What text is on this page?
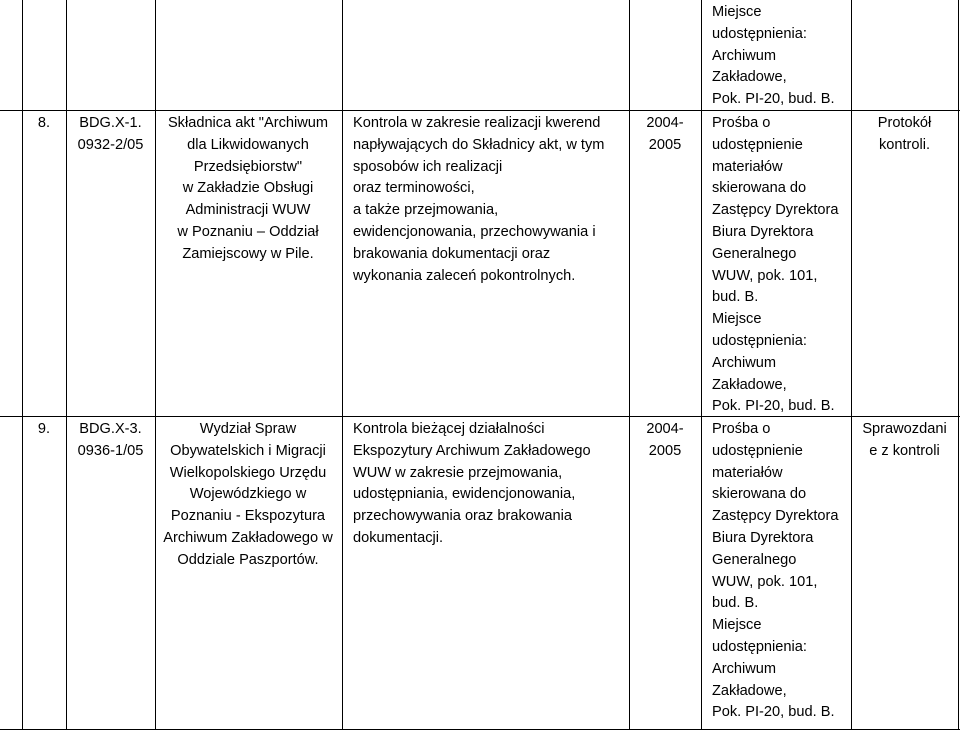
Miejsce
udostępnienia:
Archiwum
Zakładowe,
Pok. PI-20, bud. B.
8.	BDG.X-1.
0932-2/05
Składnica akt "Archiwum
dla Likwidowanych
Przedsiębiorstw"
w Zakładzie Obsługi
Administracji WUW
w Poznaniu – Oddział
Zamiejscowy w Pile.
Kontrola w zakresie realizacji kwerend
napływających do Składnicy akt, w tym
sposobów ich realizacji
oraz terminowości,
a także przejmowania,
ewidencjonowania, przechowywania i
brakowania dokumentacji oraz
wykonania zaleceń pokontrolnych.
2004-
2005
Prośba o
udostępnienie
materiałów
skierowana do
Zastępcy Dyrektora
Biura Dyrektora
Generalnego
WUW, pok. 101,
bud. B.
Miejsce
udostępnienia:
Archiwum
Zakładowe,
Pok. PI-20, bud. B.
Protokół
kontroli.
9.	BDG.X-3.
0936-1/05
Wydział Spraw
Obywatelskich i Migracji
Wielkopolskiego Urzędu
Wojewódzkiego w
Poznaniu - Ekspozytura
Archiwum Zakładowego w
Oddziale Paszportów.
Kontrola bieżącej działalności
Ekspozytury Archiwum Zakładowego
WUW w zakresie przejmowania,
udostępniania, ewidencjonowania,
przechowywania oraz brakowania
dokumentacji.
2004-
2005
Prośba o
udostępnienie
materiałów
skierowana do
Zastępcy Dyrektora
Biura Dyrektora
Generalnego
WUW, pok. 101,
bud. B.
Miejsce
udostępnienia:
Archiwum
Zakładowe,
Pok. PI-20, bud. B.
Sprawozdani
e z kontroli
